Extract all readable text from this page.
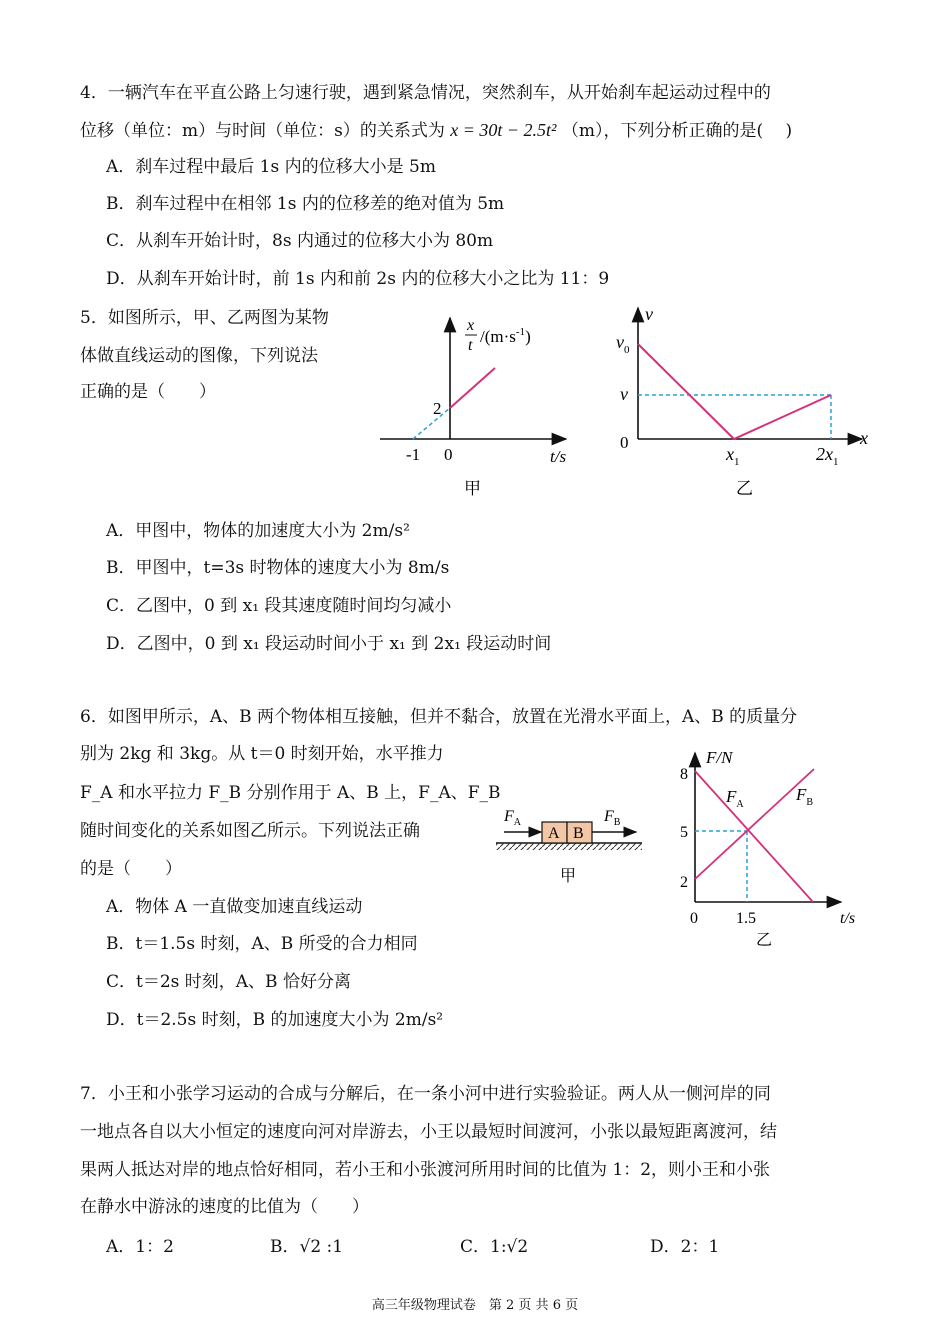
4．一辆汽车在平直公路上匀速行驶，遇到紧急情况，突然刹车，从开始刹车起运动过程中的
位移（单位：m）与时间（单位：s）的关系式为 x = 30t − 2.5t² （m），下列分析正确的是(　 )
A．刹车过程中最后 1s 内的位移大小是 5m
B．刹车过程中在相邻 1s 内的位移差的绝对值为 5m
C．从刹车开始计时，8s 内通过的位移大小为 80m
D．从刹车开始计时，前 1s 内和前 2s 内的位移大小之比为 11：9
5．如图所示，甲、乙两图为某物
体做直线运动的图像，下列说法
正确的是（　　）
x
t $/(m\cdot s^{-1})$
2
-1 0	t/s
甲
v
$v_0$
v
0
$x_1$	$2x_1$
x
乙
A．甲图中，物体的加速度大小为 2m/s²
B．甲图中，t=3s 时物体的速度大小为 8m/s
C．乙图中，0 到 x₁ 段其速度随时间均匀减小
D．乙图中，0 到 x₁ 段运动时间小于 x₁ 到 2x₁ 段运动时间
6．如图甲所示，A、B 两个物体相互接触，但并不黏合，放置在光滑水平面上，A、B 的质量分
别为 2kg 和 3kg。从 t＝0 时刻开始，水平推力
F_A 和水平拉力 F_B 分别作用于 A、B 上，F_A、F_B
随时间变化的关系如图乙所示。下列说法正确
的是（　　）
A B
$F_A$	$F_B$
甲
F/N
8
5
2
0 1.5	t/s
$F_A$
$F_B$
乙
A．物体 A 一直做变加速直线运动
B．t＝1.5s 时刻，A、B 所受的合力相同
C．t＝2s 时刻，A、B 恰好分离
D．t＝2.5s 时刻，B 的加速度大小为 2m/s²
7．小王和小张学习运动的合成与分解后，在一条小河中进行实验验证。两人从一侧河岸的同
一地点各自以大小恒定的速度向河对岸游去，小王以最短时间渡河，小张以最短距离渡河，结
果两人抵达对岸的地点恰好相同，若小王和小张渡河所用时间的比值为 1：2，则小王和小张
在静水中游泳的速度的比值为（　　）
A．1：2	B．√2 :1	C．1:√2	D．2：1
高三年级物理试卷　第 2 页 共 6 页
